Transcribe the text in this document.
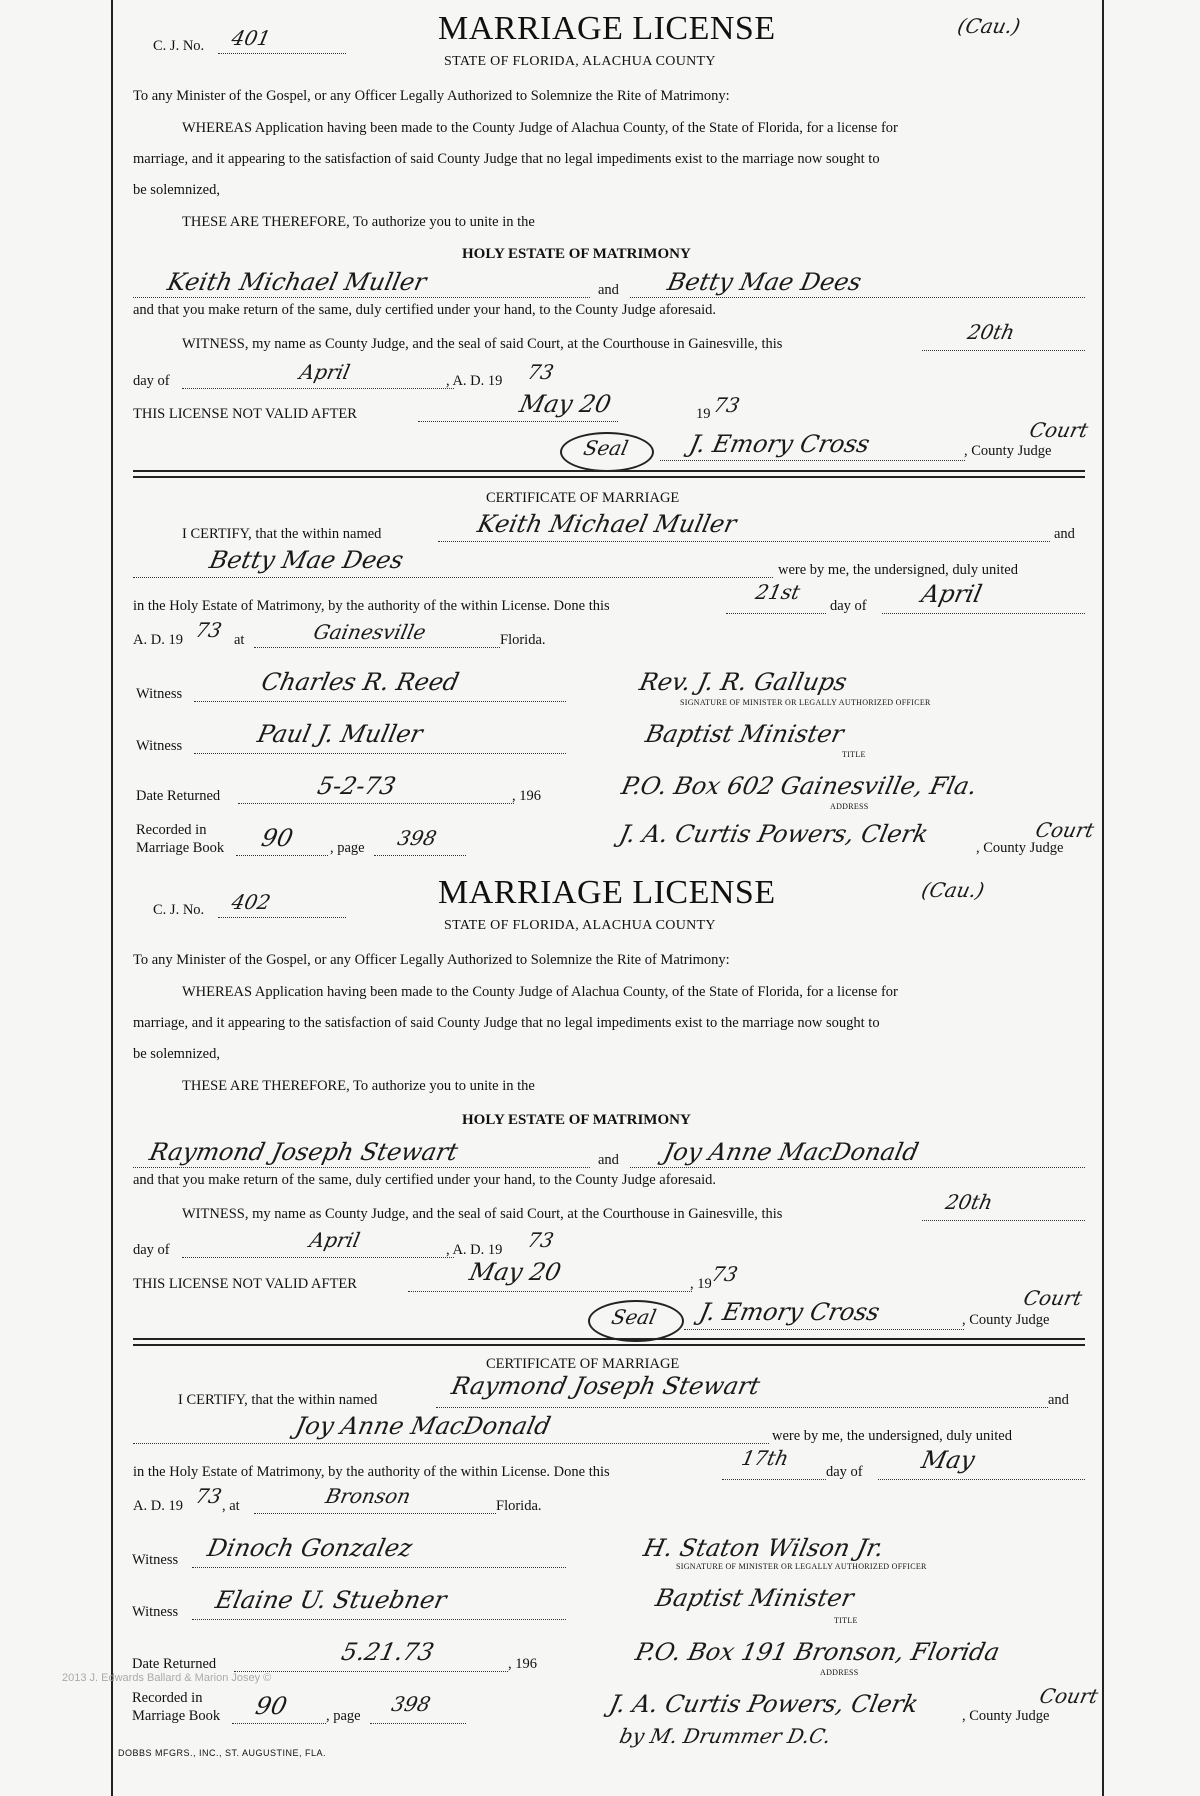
C. J. No. 401	MARRIAGE LICENSE
STATE OF FLORIDA, ALACHUA COUNTY
(Cau.)
To any Minister of the Gospel, or any Officer Legally Authorized to Solemnize the Rite of Matrimony:
WHEREAS Application having been made to the County Judge of Alachua County, of the State of Florida, for a license for
marriage, and it appearing to the satisfaction of said County Judge that no legal impediments exist to the marriage now sought to
be solemnized,
THESE ARE THEREFORE, To authorize you to unite in the
HOLY ESTATE OF MATRIMONY
Keith Michael Muller	and Betty Mae Dees
and that you make return of the same, duly certified under your hand, to the County Judge aforesaid.
WITNESS, my name as County Judge, and the seal of said Court, at the Courthouse in Gainesville, this	20th
day of	April	, A. D. 19 73
THIS LICENSE NOT VALID AFTER	May 20	19 73
Seal J. Emory Cross	, County Judge
Court
CERTIFICATE OF MARRIAGE
I CERTIFY, that the within named	Keith Michael Muller	and
Betty Mae Dees	were by me, the undersigned, duly united
in the Holy Estate of Matrimony, by the authority of the within License. Done this
21st
day of April
A. D. 19 73 at	Gainesville	Florida.
Witness	Charles R. Reed	Rev. J. R. Gallups
SIGNATURE OF MINISTER OR LEGALLY AUTHORIZED OFFICER
Witness	Paul J. Muller	Baptist Minister
TITLE
Date Returned	5-2-73	, 196	P.O. Box 602 Gainesville, Fla.
ADDRESS
Recorded in
Marriage Book 90 , page 398	J. A. Curtis Powers, Clerk	, County Judge
Court
C. J. No. 402	MARRIAGE LICENSE
STATE OF FLORIDA, ALACHUA COUNTY
(Cau.)
To any Minister of the Gospel, or any Officer Legally Authorized to Solemnize the Rite of Matrimony:
WHEREAS Application having been made to the County Judge of Alachua County, of the State of Florida, for a license for
marriage, and it appearing to the satisfaction of said County Judge that no legal impediments exist to the marriage now sought to
be solemnized,
THESE ARE THEREFORE, To authorize you to unite in the
HOLY ESTATE OF MATRIMONY
Raymond Joseph Stewart	and Joy Anne MacDonald
and that you make return of the same, duly certified under your hand, to the County Judge aforesaid.
WITNESS, my name as County Judge, and the seal of said Court, at the Courthouse in Gainesville, this	20th
day of	April	, A. D. 19 73
THIS LICENSE NOT VALID AFTER	May 20	, 19
73
Seal J. Emory Cross	, County Judge
Court
CERTIFICATE OF MARRIAGE
I CERTIFY, that the within named	Raymond Joseph Stewart	and
Joy Anne MacDonald	were by me, the undersigned, duly united
in the Holy Estate of Matrimony, by the authority of the within License. Done this
17th
day of May
A. D. 19 73
, at	Bronson	Florida.
Witness Dinoch Gonzalez	H. Staton Wilson Jr.
SIGNATURE OF MINISTER OR LEGALLY AUTHORIZED OFFICER
Witness Elaine U. Stuebner	Baptist Minister
TITLE
Date Returned	5.21.73	, 196	P.O. Box 191 Bronson, Florida
ADDRESS
Recorded in
Marriage Book 90	, page 398	J. A. Curtis Powers, Clerk
by M. Drummer D.C.
, County Judge
Court
2013 J. Edwards Ballard & Marion Josey ©
DOBBS MFGRS., INC., ST. AUGUSTINE, FLA.
